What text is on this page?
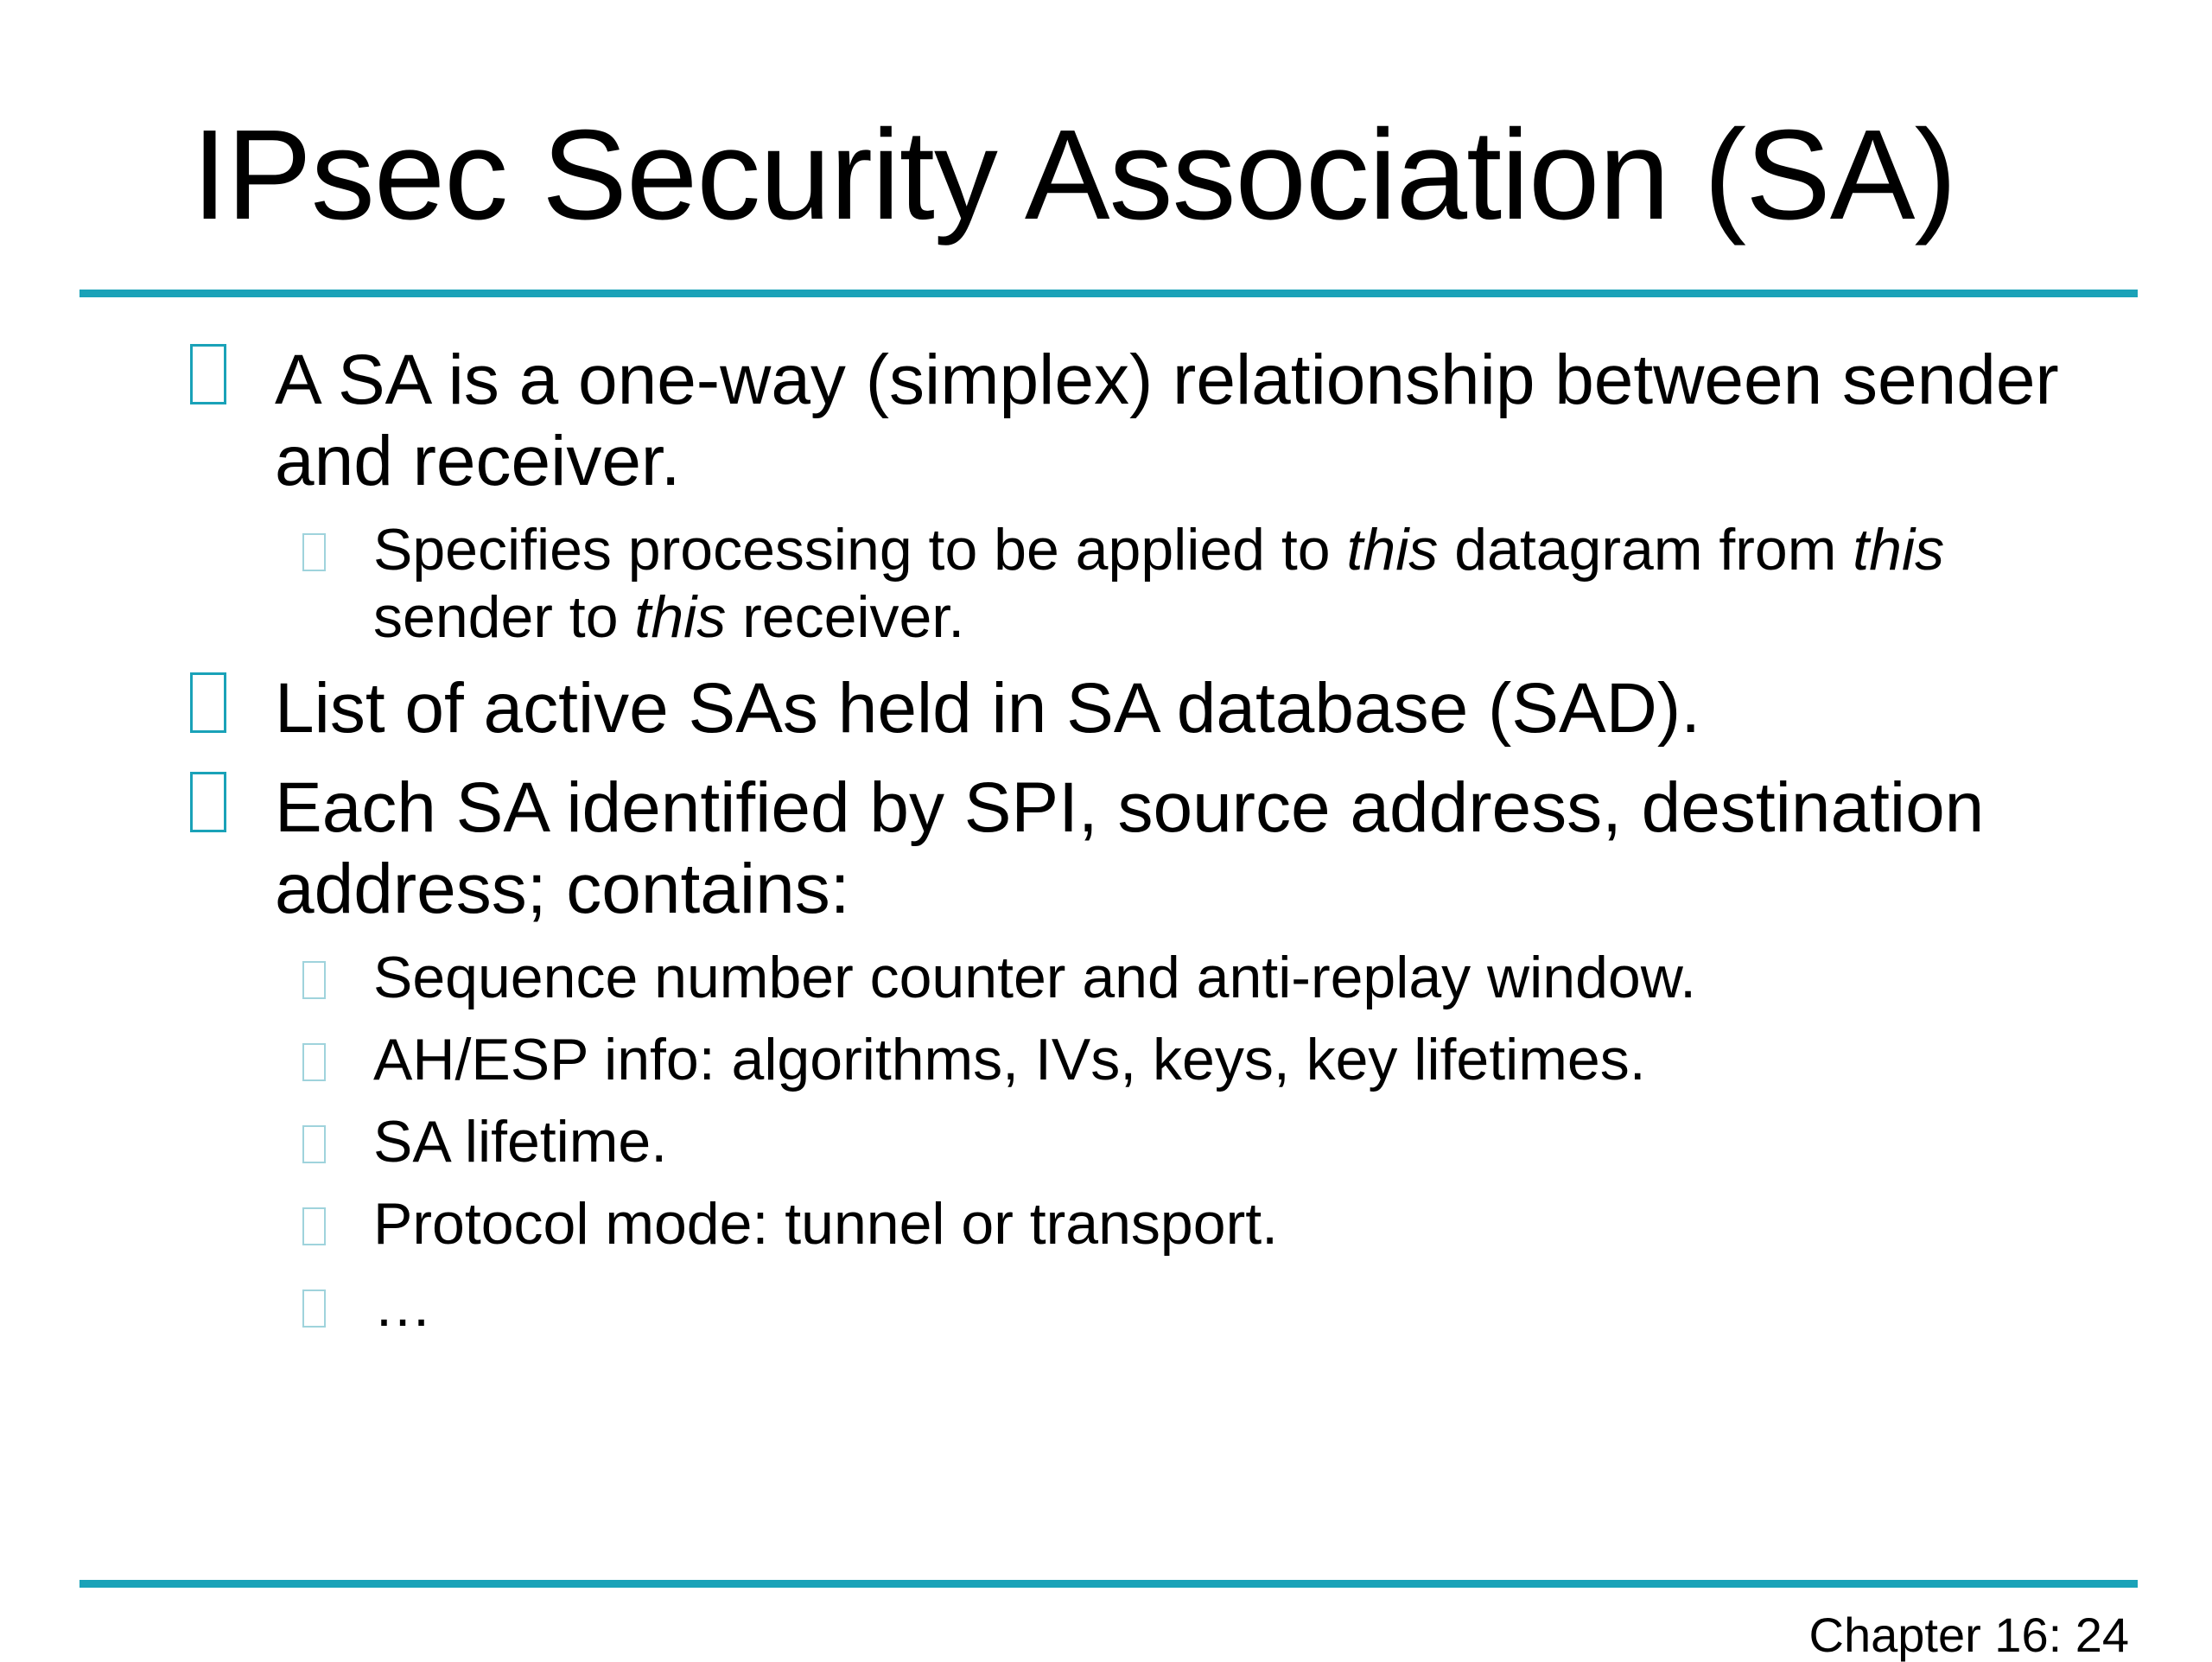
IPsec Security Association (SA)

A SA is a one-way (simplex) relationship between sender and receiver.

Specifies processing to be applied to this datagram from this sender to this receiver.

List of active SAs held in SA database (SAD).

Each SA identified by SPI, source address, destination address; contains:

Sequence number counter and anti-replay window.

AH/ESP info: algorithms, IVs, keys, key lifetimes.

SA lifetime.

Protocol mode: tunnel or transport.

…

Chapter 16: 24
